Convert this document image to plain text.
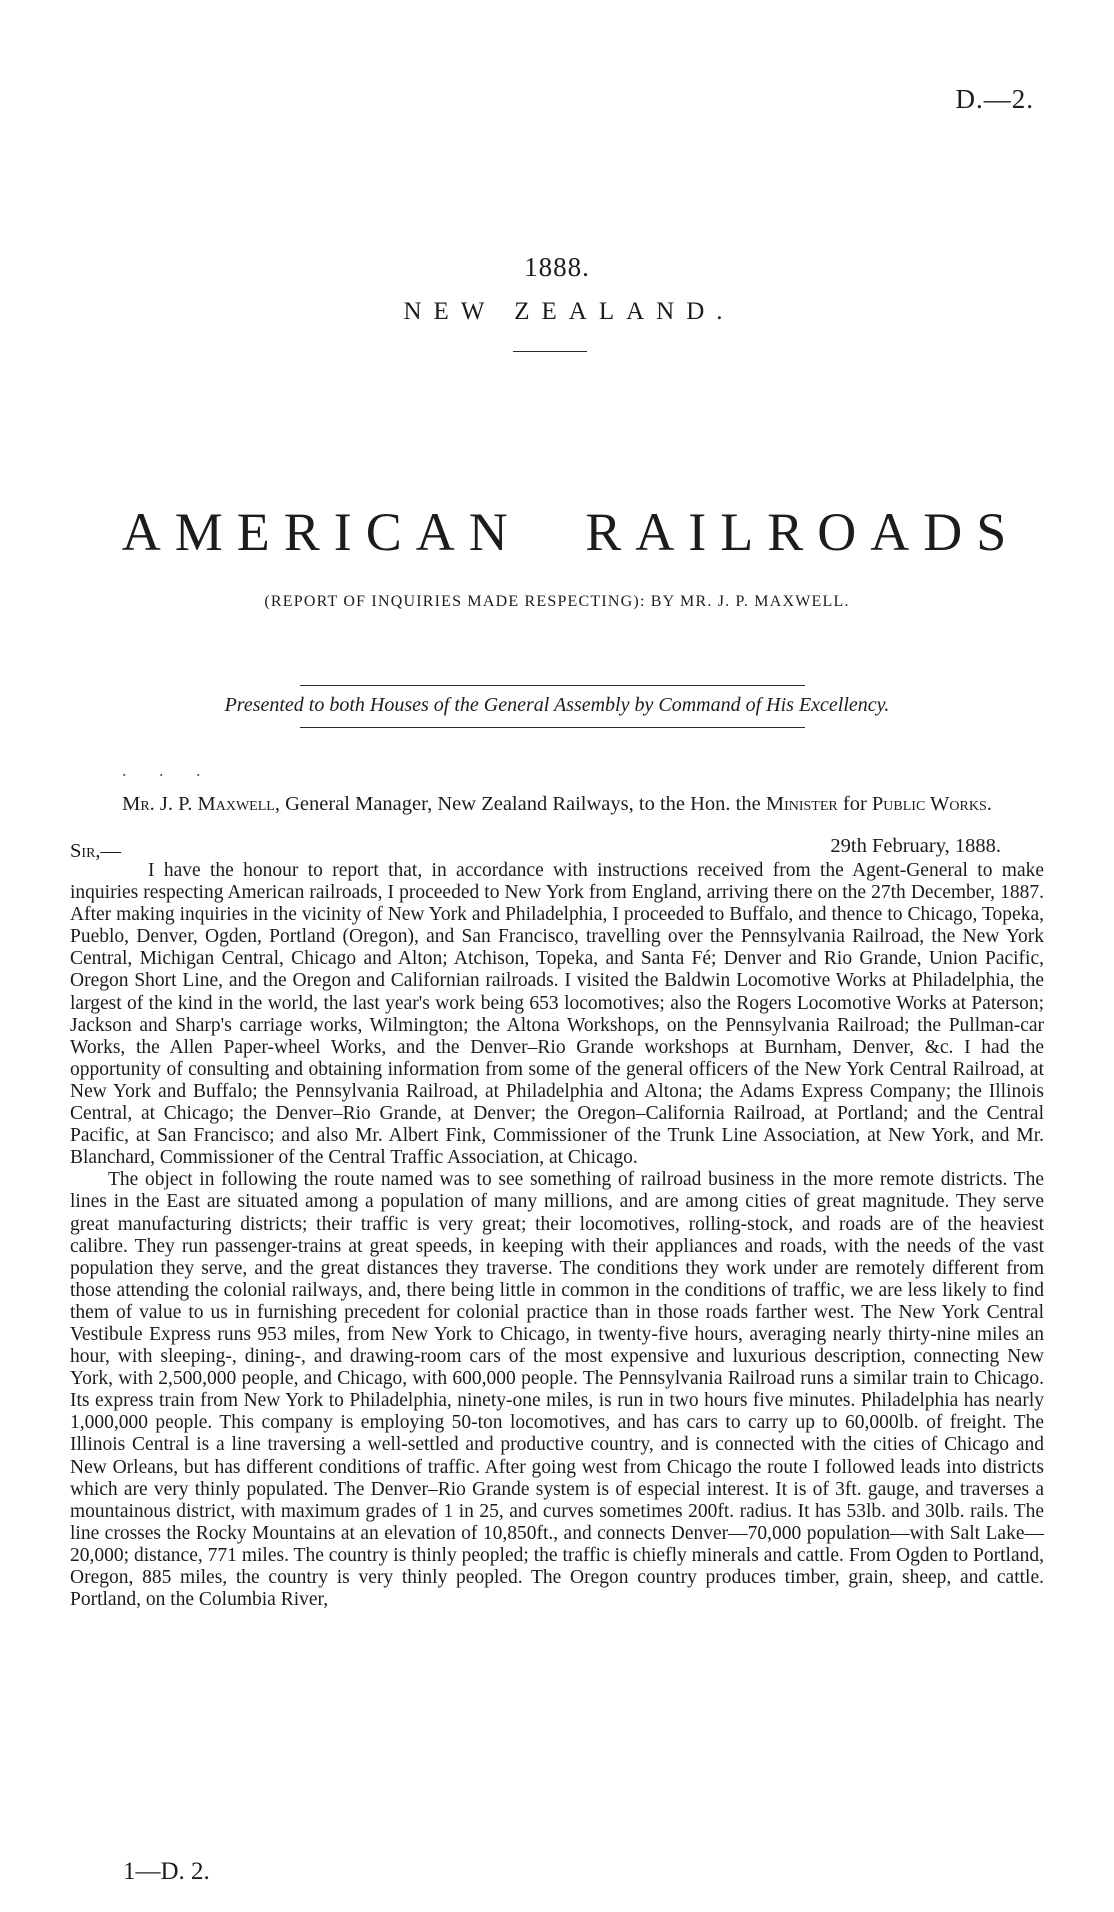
D.—2.
1888.
NEW ZEALAND.
AMERICAN RAILROADS
(REPORT OF INQUIRIES MADE RESPECTING): BY MR. J. P. MAXWELL.
Presented to both Houses of the General Assembly by Command of His Excellency.
. . .
Mr. J. P. Maxwell, General Manager, New Zealand Railways, to the Hon. the Minister for Public Works.
Sir,—	29th February, 1888.

I have the honour to report that, in accordance with instructions received from the Agent-General to make inquiries respecting American railroads, I proceeded to New York from England, arriving there on the 27th December, 1887. After making inquiries in the vicinity of New York and Philadelphia, I proceeded to Buffalo, and thence to Chicago, Topeka, Pueblo, Denver, Ogden, Portland (Oregon), and San Francisco, travelling over the Pennsylvania Railroad, the New York Central, Michigan Central, Chicago and Alton; Atchison, Topeka, and Santa Fé; Denver and Rio Grande, Union Pacific, Oregon Short Line, and the Oregon and Californian railroads. I visited the Baldwin Locomotive Works at Philadelphia, the largest of the kind in the world, the last year's work being 653 locomotives; also the Rogers Locomotive Works at Paterson; Jackson and Sharp's carriage works, Wilmington; the Altona Workshops, on the Pennsylvania Railroad; the Pullman-car Works, the Allen Paper-wheel Works, and the Denver–Rio Grande workshops at Burnham, Denver, &c. I had the opportunity of consulting and obtaining information from some of the general officers of the New York Central Railroad, at New York and Buffalo; the Pennsylvania Railroad, at Philadelphia and Altona; the Adams Express Company; the Illinois Central, at Chicago; the Denver–Rio Grande, at Denver; the Oregon–California Railroad, at Portland; and the Central Pacific, at San Francisco; and also Mr. Albert Fink, Commissioner of the Trunk Line Association, at New York, and Mr. Blanchard, Commissioner of the Central Traffic Association, at Chicago.

The object in following the route named was to see something of railroad business in the more remote districts. The lines in the East are situated among a population of many millions, and are among cities of great magnitude. They serve great manufacturing districts; their traffic is very great; their locomotives, rolling-stock, and roads are of the heaviest calibre. They run passenger-trains at great speeds, in keeping with their appliances and roads, with the needs of the vast population they serve, and the great distances they traverse. The conditions they work under are remotely different from those attending the colonial railways, and, there being little in common in the conditions of traffic, we are less likely to find them of value to us in furnishing precedent for colonial practice than in those roads farther west. The New York Central Vestibule Express runs 953 miles, from New York to Chicago, in twenty-five hours, averaging nearly thirty-nine miles an hour, with sleeping-, dining-, and drawing-room cars of the most expensive and luxurious description, connecting New York, with 2,500,000 people, and Chicago, with 600,000 people. The Pennsylvania Railroad runs a similar train to Chicago. Its express train from New York to Philadelphia, ninety-one miles, is run in two hours five minutes. Philadelphia has nearly 1,000,000 people. This company is employing 50-ton locomotives, and has cars to carry up to 60,000lb. of freight. The Illinois Central is a line traversing a well-settled and productive country, and is connected with the cities of Chicago and New Orleans, but has different conditions of traffic. After going west from Chicago the route I followed leads into districts which are very thinly populated. The Denver–Rio Grande system is of especial interest. It is of 3ft. gauge, and traverses a mountainous district, with maximum grades of 1 in 25, and curves sometimes 200ft. radius. It has 53lb. and 30lb. rails. The line crosses the Rocky Mountains at an elevation of 10,850ft., and connects Denver—70,000 population—with Salt Lake—20,000; distance, 771 miles. The country is thinly peopled; the traffic is chiefly minerals and cattle. From Ogden to Portland, Oregon, 885 miles, the country is very thinly peopled. The Oregon country produces timber, grain, sheep, and cattle. Portland, on the Columbia River,

1—D. 2.
